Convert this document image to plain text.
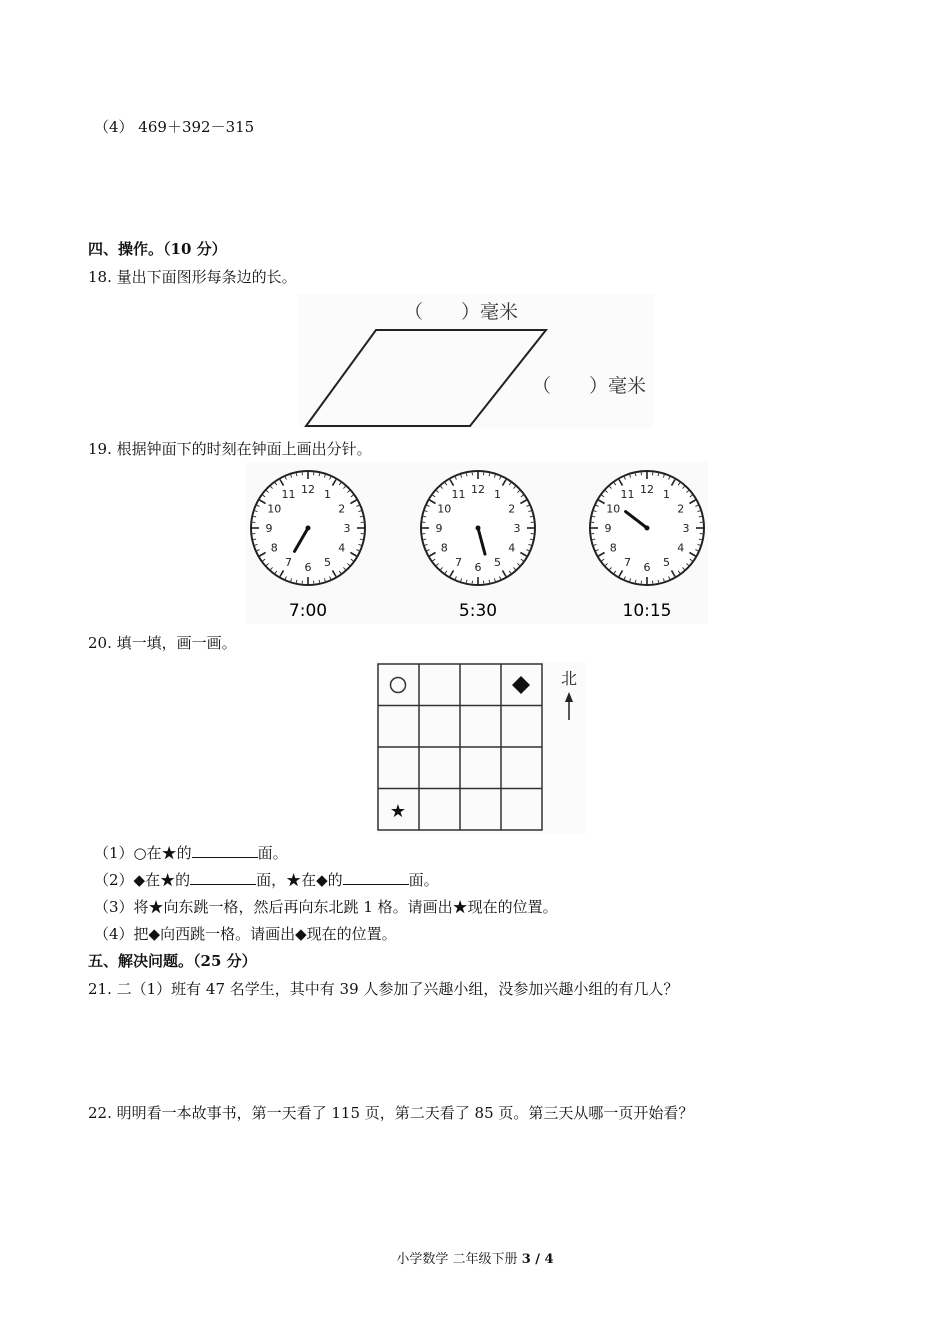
（4） 469＋392－315
四、操作。（10 分）
18. 量出下面图形每条边的长。
（　　）毫米
（　　）毫米
19. 根据钟面下的时刻在钟面上画出分针。
1
2
3
4
5
6
7
8
9
10
11 12	1
2
3
4
5
6
7
8
9
10
11 12	1
2
3
4
5
6
7
8
9
10
11 12
7:00	5:30	10:15
20. 填一填，画一画。
★
北
（1）○在★的	面。
（2）◆在★的	面，★在◆的	面。
（3）将★向东跳一格，然后再向东北跳 1 格。请画出★现在的位置。
（4）把◆向西跳一格。请画出◆现在的位置。
五、解决问题。（25 分）
21. 二（1）班有 47 名学生，其中有 39 人参加了兴趣小组，没参加兴趣小组的有几人？
22. 明明看一本故事书，第一天看了 115 页，第二天看了 85 页。第三天从哪一页开始看？
小学数学 二年级下册 3 / 4
